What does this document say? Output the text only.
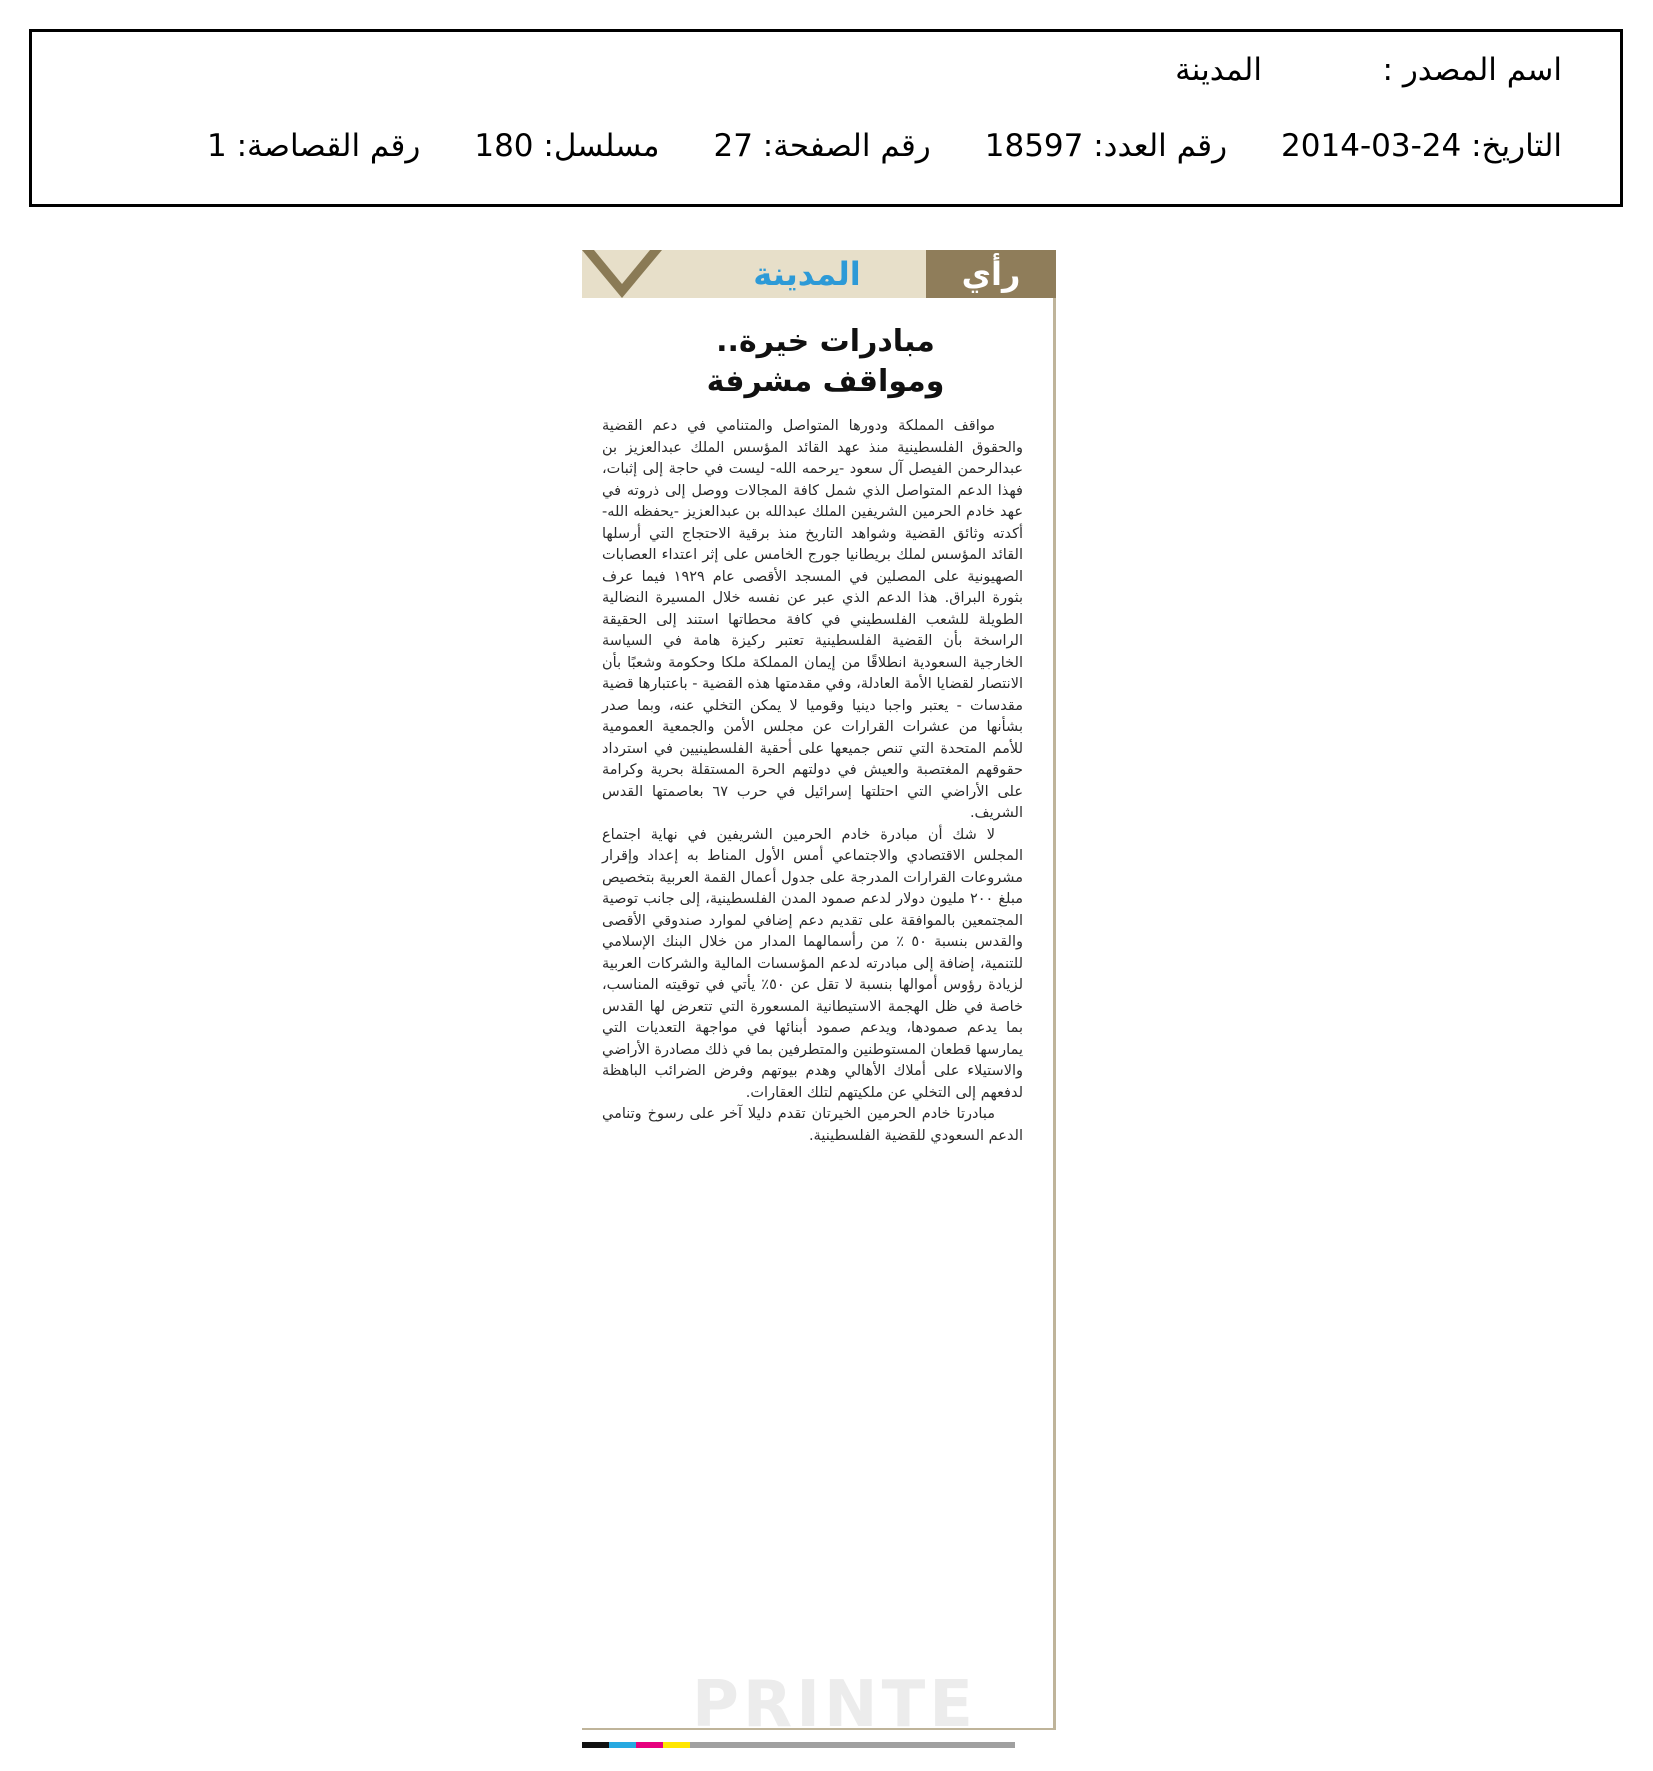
اسم المصدر :
المدينة
التاريخ: 24-03-2014
رقم العدد: 18597
رقم الصفحة: 27
مسلسل: 180
رقم القصاصة: 1
المدينة	رأي
PRINTE
مبادرات خيرة..
ومواقف مشرفة

مواقف المملكة ودورها المتواصل والمتنامي في دعم القضية والحقوق الفلسطينية منذ عهد القائد المؤسس الملك عبدالعزيز بن عبدالرحمن الفيصل آل سعود -يرحمه الله- ليست في حاجة إلى إثبات، فهذا الدعم المتواصل الذي شمل كافة المجالات ووصل إلى ذروته في عهد خادم الحرمين الشريفين الملك عبدالله بن عبدالعزيز -يحفظه الله- أكدته وثائق القضية وشواهد التاريخ منذ برقية الاحتجاج التي أرسلها القائد المؤسس لملك بريطانيا جورج الخامس على إثر اعتداء العصابات الصهيونية على المصلين في المسجد الأقصى عام ١٩٢٩ فيما عرف بثورة البراق. هذا الدعم الذي عبر عن نفسه خلال المسيرة النضالية الطويلة للشعب الفلسطيني في كافة محطاتها استند إلى الحقيقة الراسخة بأن القضية الفلسطينية تعتبر ركيزة هامة في السياسة الخارجية السعودية انطلاقًا من إيمان المملكة ملكا وحكومة وشعبًا بأن الانتصار لقضايا الأمة العادلة، وفي مقدمتها هذه القضية - باعتبارها قضية مقدسات - يعتبر واجبا دينيا وقوميا لا يمكن التخلي عنه، وبما صدر بشأنها من عشرات القرارات عن مجلس الأمن والجمعية العمومية للأمم المتحدة التي تنص جميعها على أحقية الفلسطينيين في استرداد حقوقهم المغتصبة والعيش في دولتهم الحرة المستقلة بحرية وكرامة على الأراضي التي احتلتها إسرائيل في حرب ٦٧ بعاصمتها القدس الشريف.

لا شك أن مبادرة خادم الحرمين الشريفين في نهاية اجتماع المجلس الاقتصادي والاجتماعي أمس الأول المناط به إعداد وإقرار مشروعات القرارات المدرجة على جدول أعمال القمة العربية بتخصيص مبلغ ٢٠٠ مليون دولار لدعم صمود المدن الفلسطينية، إلى جانب توصية المجتمعين بالموافقة على تقديم دعم إضافي لموارد صندوقي الأقصى والقدس بنسبة ٥٠ ٪ من رأسمالهما المدار من خلال البنك الإسلامي للتنمية، إضافة إلى مبادرته لدعم المؤسسات المالية والشركات العربية لزيادة رؤوس أموالها بنسبة لا تقل عن ٥٠٪ يأتي في توقيته المناسب، خاصة في ظل الهجمة الاستيطانية المسعورة التي تتعرض لها القدس بما يدعم صمودها، ويدعم صمود أبنائها في مواجهة التعديات التي يمارسها قطعان المستوطنين والمتطرفين بما في ذلك مصادرة الأراضي والاستيلاء على أملاك الأهالي وهدم بيوتهم وفرض الضرائب الباهظة لدفعهم إلى التخلي عن ملكيتهم لتلك العقارات.

مبادرتا خادم الحرمين الخيرتان تقدم دليلا آخر على رسوخ وتنامي الدعم السعودي للقضية الفلسطينية.
